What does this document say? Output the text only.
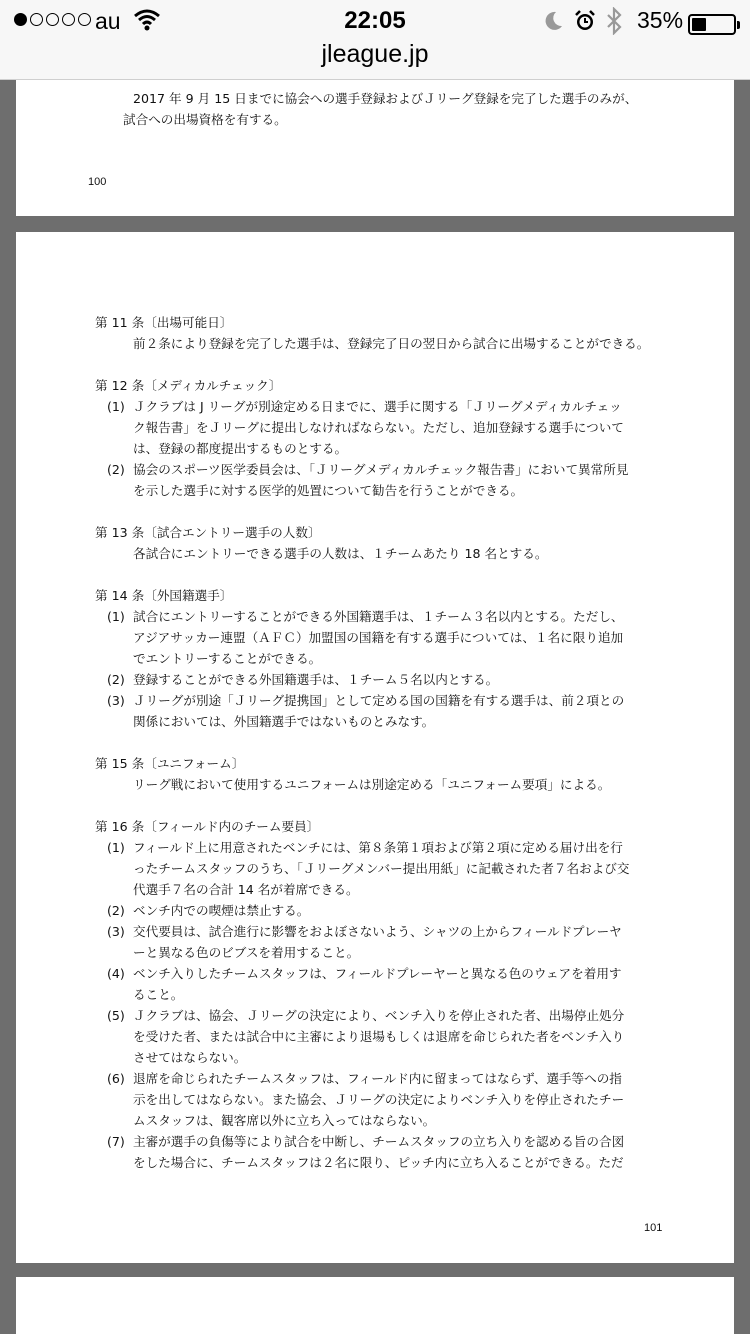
au	22:05	35%
jleague.jp
2017 年 9 月 15 日までに協会への選手登録およびＪリーグ登録を完了した選手のみが、
試合への出場資格を有する。
100
第 11 条〔出場可能日〕
前２条により登録を完了した選手は、登録完了日の翌日から試合に出場することができる。
第 12 条〔メディカルチェック〕
(1) Ｊクラブは J リーグが別途定める日までに、選手に関する「Ｊリーグメディカルチェッ
ク報告書」をＪリーグに提出しなければならない。ただし、追加登録する選手について
は、登録の都度提出するものとする。
(2) 協会のスポーツ医学委員会は、「Ｊリーグメディカルチェック報告書」において異常所見
を示した選手に対する医学的処置について勧告を行うことができる。
第 13 条〔試合エントリー選手の人数〕
各試合にエントリーできる選手の人数は、１チームあたり 18 名とする。
第 14 条〔外国籍選手〕
(1) 試合にエントリーすることができる外国籍選手は、１チーム３名以内とする。ただし、
アジアサッカー連盟（ＡＦＣ）加盟国の国籍を有する選手については、１名に限り追加
でエントリーすることができる。
(2) 登録することができる外国籍選手は、１チーム５名以内とする。
(3) Ｊリーグが別途「Ｊリーグ提携国」として定める国の国籍を有する選手は、前２項との
関係においては、外国籍選手ではないものとみなす。
第 15 条〔ユニフォーム〕
リーグ戦において使用するユニフォームは別途定める「ユニフォーム要項」による。
第 16 条〔フィールド内のチーム要員〕
(1) フィールド上に用意されたベンチには、第８条第１項および第２項に定める届け出を行
ったチームスタッフのうち、「Ｊリーグメンバー提出用紙」に記載された者７名および交
代選手７名の合計 14 名が着席できる。
(2) ベンチ内での喫煙は禁止する。
(3) 交代要員は、試合進行に影響をおよぼさないよう、シャツの上からフィールドプレーヤ
ーと異なる色のビブスを着用すること。
(4) ベンチ入りしたチームスタッフは、フィールドプレーヤーと異なる色のウェアを着用す
ること。
(5) Ｊクラブは、協会、Ｊリーグの決定により、ベンチ入りを停止された者、出場停止処分
を受けた者、または試合中に主審により退場もしくは退席を命じられた者をベンチ入り
させてはならない。
(6) 退席を命じられたチームスタッフは、フィールド内に留まってはならず、選手等への指
示を出してはならない。また協会、Ｊリーグの決定によりベンチ入りを停止されたチー
ムスタッフは、観客席以外に立ち入ってはならない。
(7) 主審が選手の負傷等により試合を中断し、チームスタッフの立ち入りを認める旨の合図
をした場合に、チームスタッフは２名に限り、ピッチ内に立ち入ることができる。ただ
101
